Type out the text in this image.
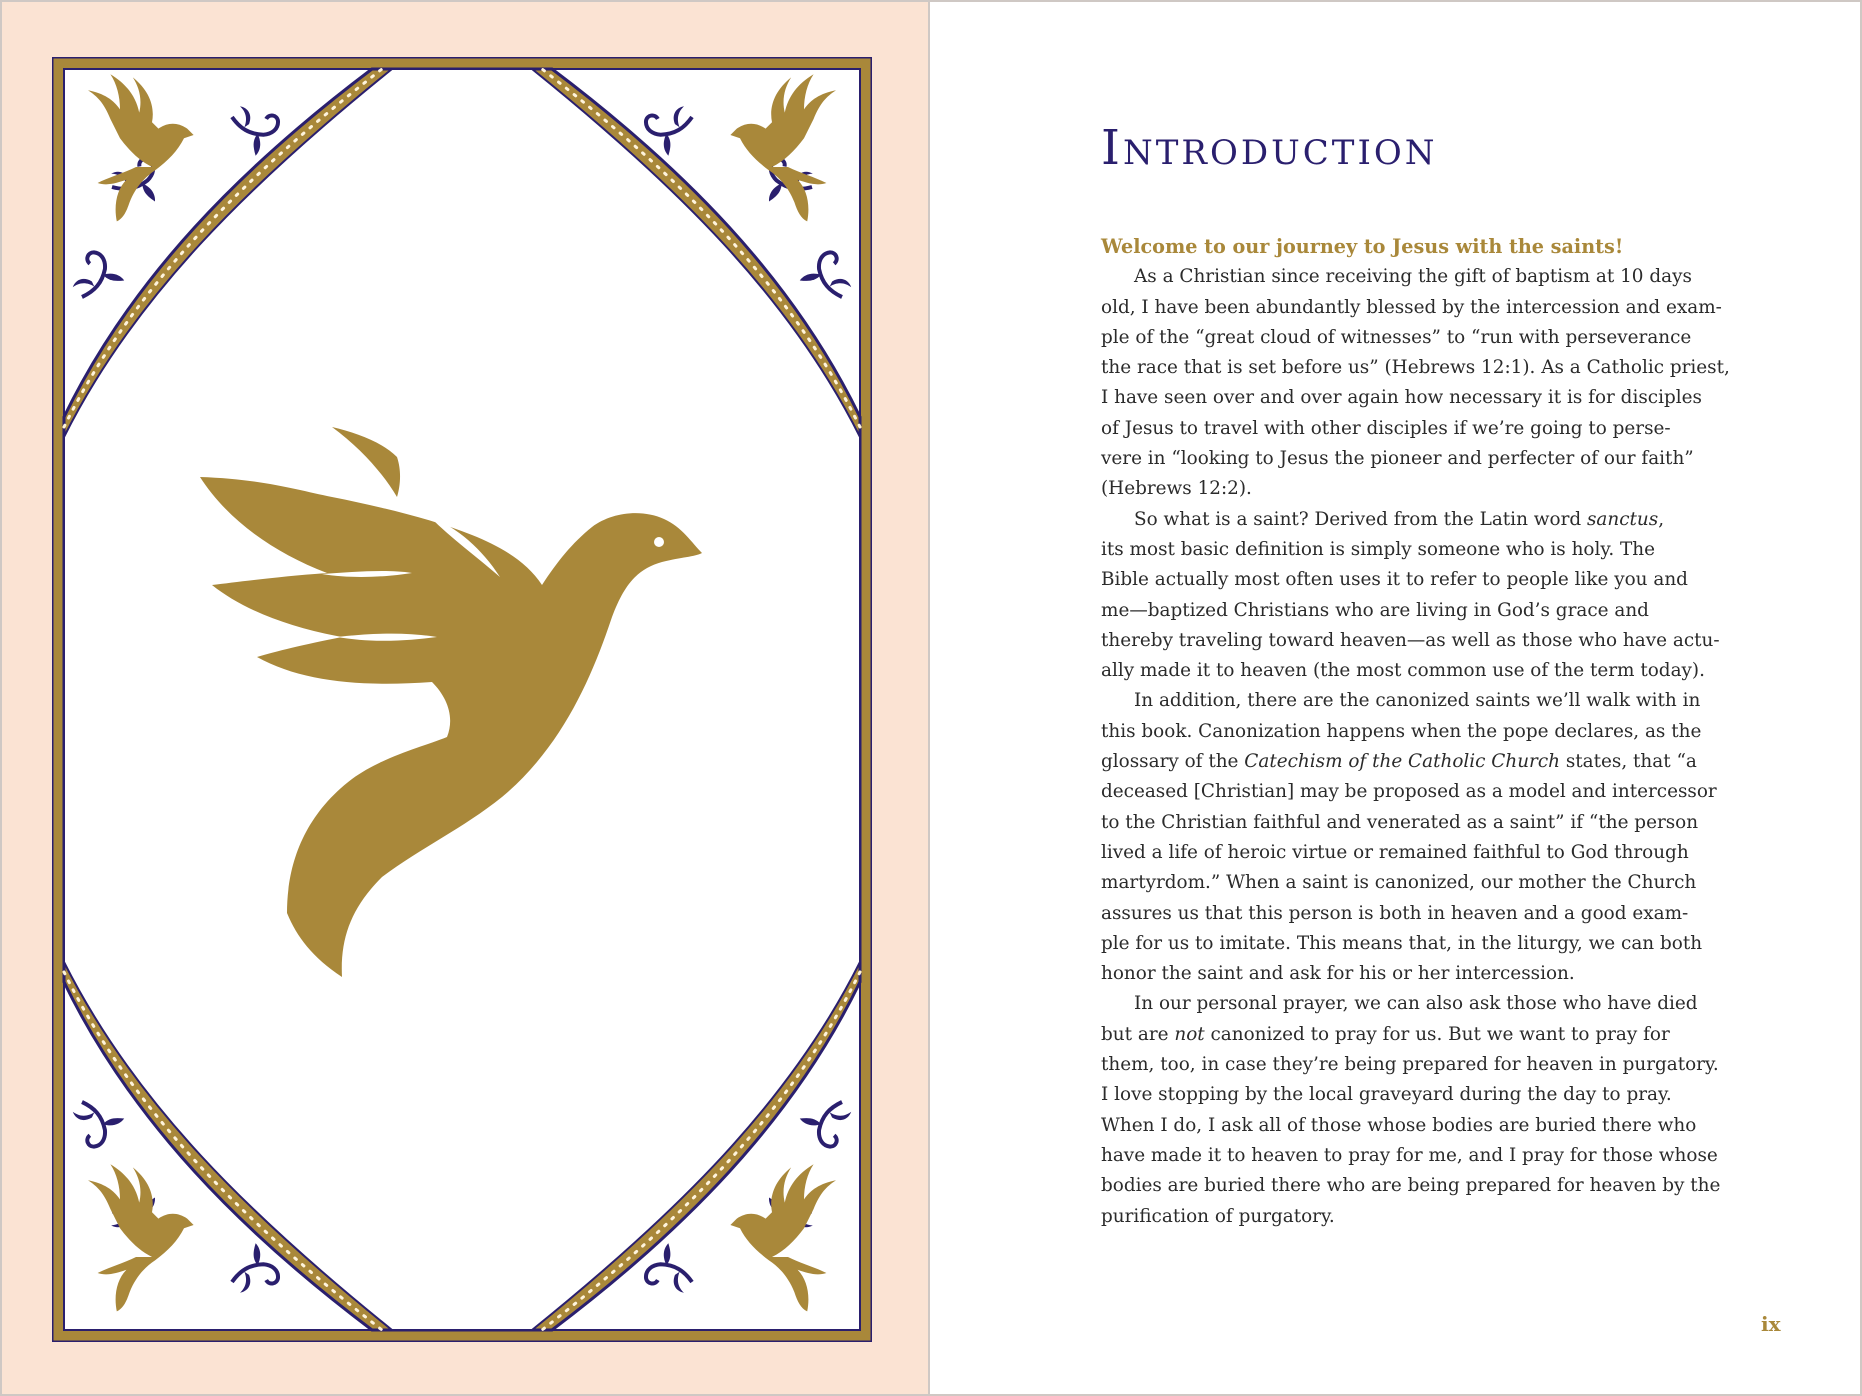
Introduction
Welcome to our journey to Jesus with the saints!
As a Christian since receiving the gift of baptism at 10 days
old, I have been abundantly blessed by the intercession and exam-
ple of the “great cloud of witnesses” to “run with perseverance
the race that is set before us” (Hebrews 12:1). As a Catholic priest,
I have seen over and over again how necessary it is for disciples
of Jesus to travel with other disciples if we’re going to perse-
vere in “looking to Jesus the pioneer and perfecter of our faith”
(Hebrews 12:2).
So what is a saint? Derived from the Latin word sanctus,
its most basic definition is simply someone who is holy. The
Bible actually most often uses it to refer to people like you and
me—baptized Christians who are living in God’s grace and
thereby traveling toward heaven—as well as those who have actu-
ally made it to heaven (the most common use of the term today).
In addition, there are the canonized saints we’ll walk with in
this book. Canonization happens when the pope declares, as the
glossary of the Catechism of the Catholic Church states, that “a
deceased [Christian] may be proposed as a model and intercessor
to the Christian faithful and venerated as a saint” if “the person
lived a life of heroic virtue or remained faithful to God through
martyrdom.” When a saint is canonized, our mother the Church
assures us that this person is both in heaven and a good exam-
ple for us to imitate. This means that, in the liturgy, we can both
honor the saint and ask for his or her intercession.
In our personal prayer, we can also ask those who have died
but are not canonized to pray for us. But we want to pray for
them, too, in case they’re being prepared for heaven in purgatory.
I love stopping by the local graveyard during the day to pray.
When I do, I ask all of those whose bodies are buried there who
have made it to heaven to pray for me, and I pray for those whose
bodies are buried there who are being prepared for heaven by the
purification of purgatory.
ix
